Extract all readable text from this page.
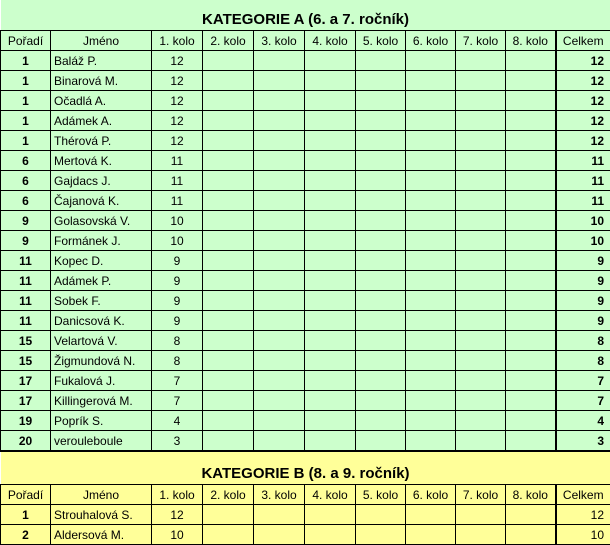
KATEGORIE A (6. a 7. ročník)										
Pořadí	Jméno	1. kolo	2. kolo	3. kolo	4. kolo	5. kolo	6. kolo	7. kolo	8. kolo	Celkem
1	Baláž P.	12								12
1	Binarová M.	12								12
1	Očadlá A.	12								12
1	Adámek A.	12								12
1	Thérová P.	12								12
6	Mertová K.	11								11
6	Gajdacs J.	11								11
6	Čajanová K.	11								11
9	Golasovská V.	10								10
9	Formánek J.	10								10
11	Kopec D.	9								9
11	Adámek P.	9								9
11	Sobek F.	9								9
11	Danicsová K.	9								9
15	Velartová V.	8								8
15	Žigmundová N.	8								8
17	Fukalová J.	7								7
17	Killingerová M.	7								7
19	Poprík S.	4								4
20	verouleboule	3								3
KATEGORIE B (8. a 9. ročník)										
Pořadí	Jméno	1. kolo	2. kolo	3. kolo	4. kolo	5. kolo	6. kolo	7. kolo	8. kolo	Celkem
1	Strouhalová S.	12								12
2	Aldersová M.	10								10
